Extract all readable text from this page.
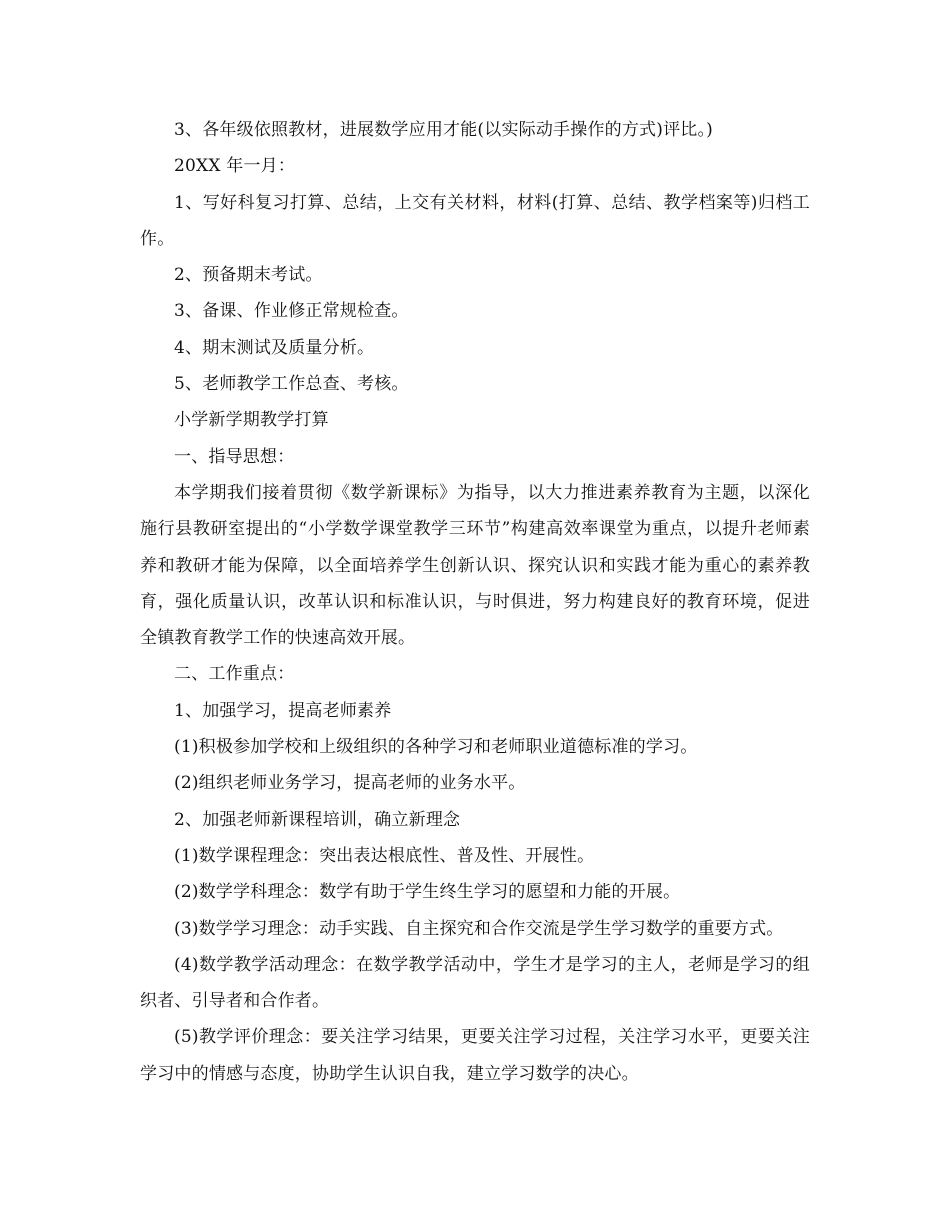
3、各年级依照教材，进展数学应用才能(以实际动手操作的方式)评比。)

20XX 年一月：

1、写好科复习打算、总结，上交有关材料，材料(打算、总结、教学档案等)归档工作。

2、预备期末考试。

3、备课、作业修正常规检查。

4、期末测试及质量分析。

5、老师教学工作总查、考核。

小学新学期教学打算

一、指导思想：

本学期我们接着贯彻《数学新课标》为指导，以大力推进素养教育为主题，以深化施行县教研室提出的“小学数学课堂教学三环节”构建高效率课堂为重点，以提升老师素养和教研才能为保障，以全面培养学生创新认识、探究认识和实践才能为重心的素养教育，强化质量认识，改革认识和标准认识，与时俱进，努力构建良好的教育环境，促进全镇教育教学工作的快速高效开展。

二、工作重点：

1、加强学习，提高老师素养

(1)积极参加学校和上级组织的各种学习和老师职业道德标准的学习。

(2)组织老师业务学习，提高老师的业务水平。

2、加强老师新课程培训，确立新理念

(1)数学课程理念：突出表达根底性、普及性、开展性。

(2)数学学科理念：数学有助于学生终生学习的愿望和力能的开展。

(3)数学学习理念：动手实践、自主探究和合作交流是学生学习数学的重要方式。

(4)数学教学活动理念：在数学教学活动中，学生才是学习的主人，老师是学习的组织者、引导者和合作者。

(5)教学评价理念：要关注学习结果，更要关注学习过程，关注学习水平，更要关注学习中的情感与态度，协助学生认识自我，建立学习数学的决心。
